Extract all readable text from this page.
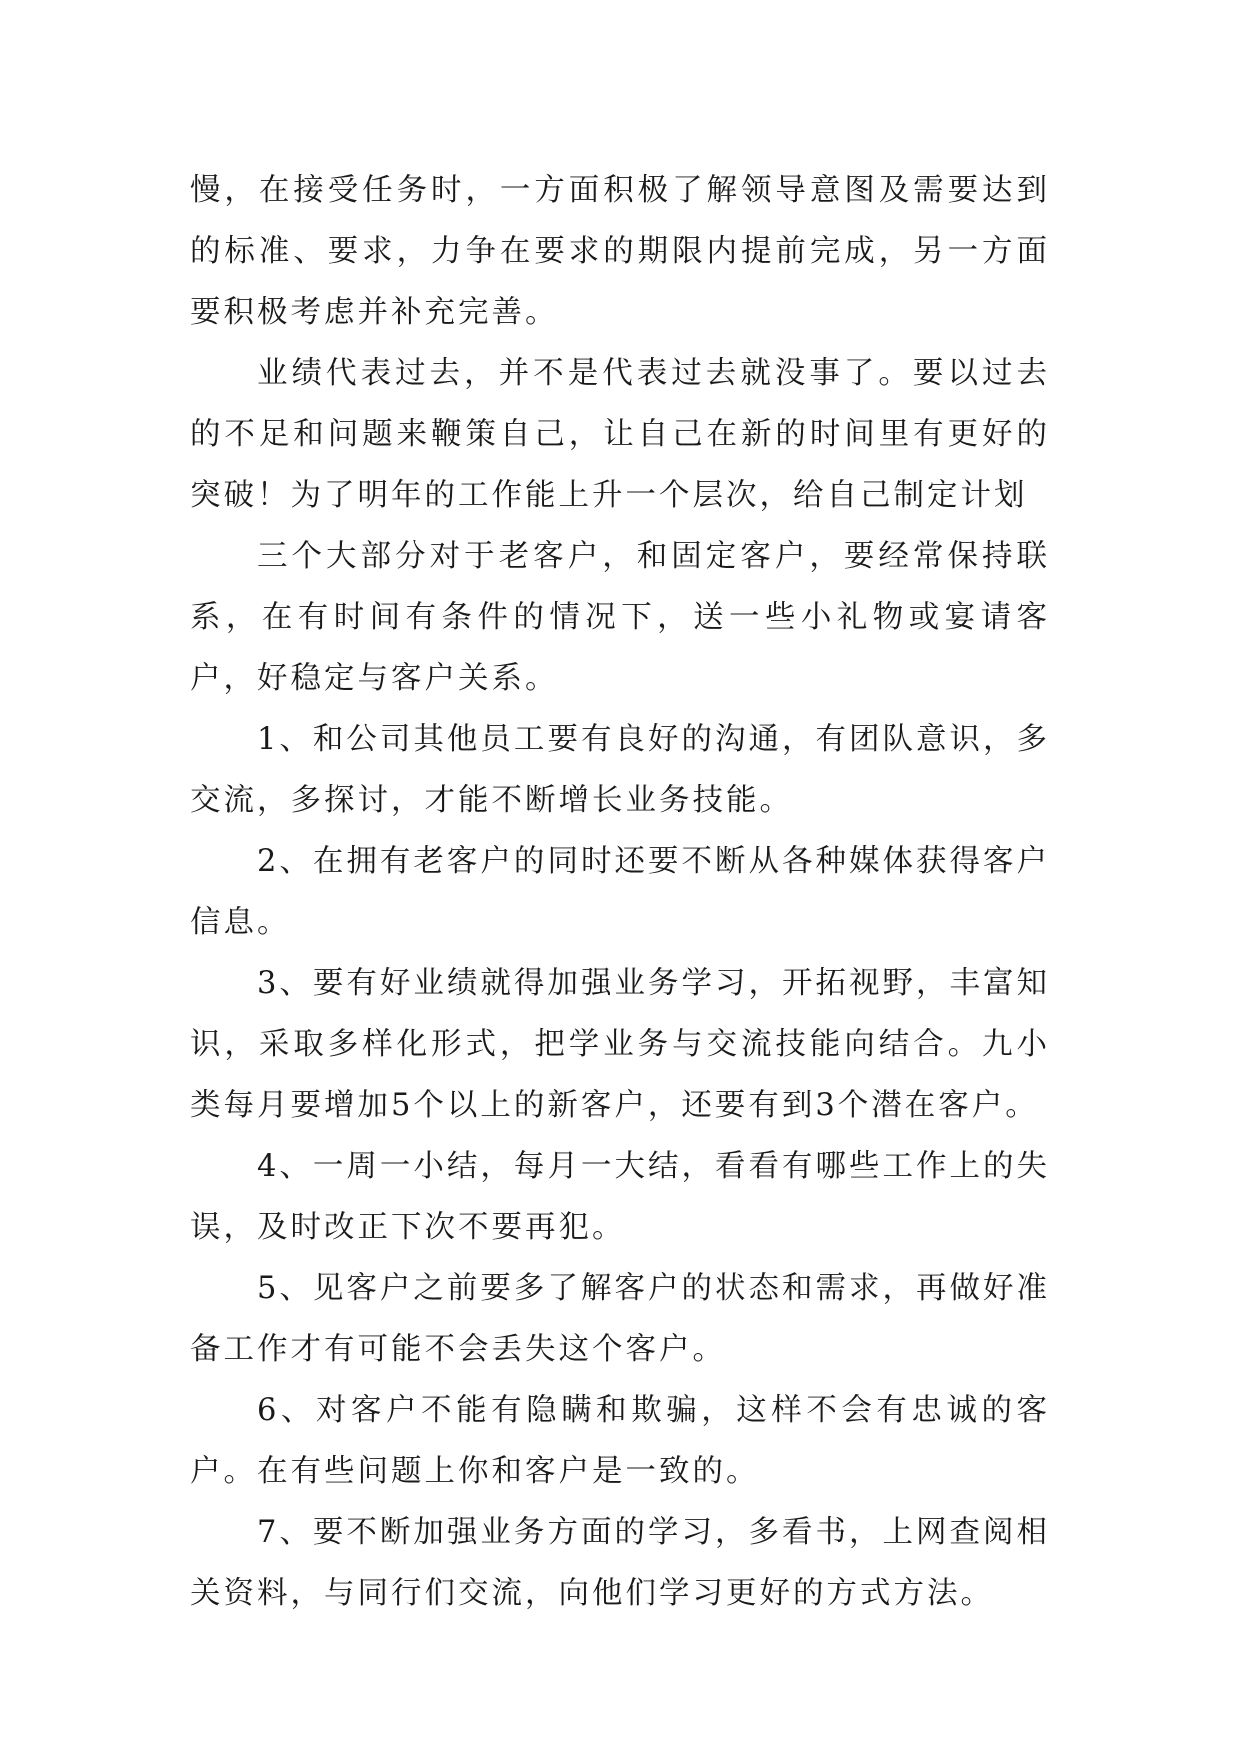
慢，在接受任务时，一方面积极了解领导意图及需要达到的标准、要求，力争在要求的期限内提前完成，另一方面要积极考虑并补充完善。

业绩代表过去，并不是代表过去就没事了。要以过去的不足和问题来鞭策自己，让自己在新的时间里有更好的突破！为了明年的工作能上升一个层次，给自己制定计划

三个大部分对于老客户，和固定客户，要经常保持联系，在有时间有条件的情况下，送一些小礼物或宴请客户，好稳定与客户关系。

1、和公司其他员工要有良好的沟通，有团队意识，多交流，多探讨，才能不断增长业务技能。

2、在拥有老客户的同时还要不断从各种媒体获得客户信息。

3、要有好业绩就得加强业务学习，开拓视野，丰富知识，采取多样化形式，把学业务与交流技能向结合。九小类每月要增加5个以上的新客户，还要有到3个潜在客户。

4、一周一小结，每月一大结，看看有哪些工作上的失误，及时改正下次不要再犯。

5、见客户之前要多了解客户的状态和需求，再做好准备工作才有可能不会丢失这个客户。

6、对客户不能有隐瞒和欺骗，这样不会有忠诚的客户。在有些问题上你和客户是一致的。

7、要不断加强业务方面的学习，多看书，上网查阅相关资料，与同行们交流，向他们学习更好的方式方法。
